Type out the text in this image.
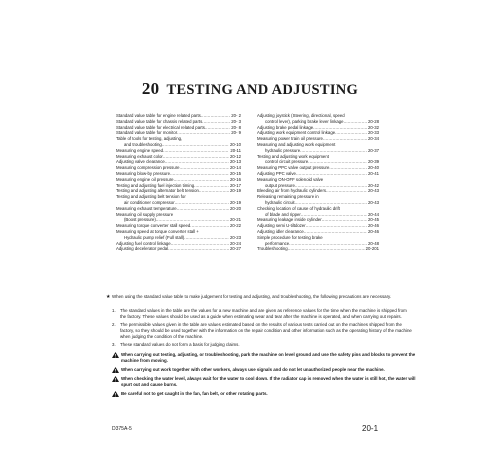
20 TESTING AND ADJUSTING
Standard value table for engine related parts .....	20- 2
Standard value table for chassis related parts .....	20- 3
Standard value table for electrical related parts .....	20- 8
Standard value table for monitor .....	20- 9
Table of tools for testing, adjusting,
and troubleshooting .....	20-10
Measuring engine speed .....	20-11
Measuring exhaust color .....	20-12
Adjusting valve clearance .....	20-13
Measuring compression pressure .....	20-14
Measuring blow-by pressure .....	20-15
Measuring engine oil pressure .....	20-16
Testing and adjusting fuel injection timing .....	20-17
Testing and adjusting alternator belt tension .....	20-19
Testing and adjusting belt tension for
air conditioner compressor .....	20-19
Measuring exhaust temperature .....	20-20
Measuring oil supply pressure
(Boost pressure) .....	20-21
Measuring torque converter stall speed .....	20-22
Measuring speed at torque converter stall +
Hydraulic pump relief (Full stall) .....	20-23
Adjusting fuel control linkage .....	20-24
Adjusting decelerator pedal .....	20-27
Adjusting joystick (Steering, directional, speed
control lever), parking brake lever linkage .....	20-28
Adjusting brake pedal linkage .....	20-32
Adjusting work equipment control linkage .....	20-33
Measuring power train oil pressure .....	20-34
Measuring and adjusting work equipment
hydraulic pressure .....	20-37
Testing and adjusting work equipment
control circuit pressure .....	20-39
Measuring PPC valve output pressure .....	20-40
Adjusting PPC valve .....	20-41
Measuring ON-OFF solenoid valve
output pressure .....	20-42
Bleeding air from hydraulic cylinders .....	20-43
Releasing remaining pressure in
hydraulic circuit .....	20-43
Checking location of cause of hydraulic drift
of blade and ripper .....	20-44
Measuring leakage inside cylinder .....	20-45
Adjusting semi U-tiltdozer .....	20-46
Adjusting idler clearance .....	20-46
Simple procedure for testing brake
performance .....	20-48
Troubleshooting .....	20-201
★ When using the standard value table to make judgement for testing and adjusting, and troubleshooting, the following precautions are necessary.
1. The standard values in the table are the values for a new machine and are given as reference values for the time when the machine is shipped from the factory. These values should be used as a guide when estimating wear and tear after the machine is operated, and when carrying out repairs.
2. The permissible values given in the table are values estimated based on the results of various tests carried out on the machines shipped from the factory, so they should be used together with the information on the repair condition and other information such as the operating history of the machine when judging the condition of the machine.
3. These standard values do not form a basis for judging claims.
When carrying out testing, adjusting, or troubleshooting, park the machine on level ground and use the safety pins and blocks to prevent the machine from moving.
When carrying out work together with other workers, always use signals and do not let unauthorized people near the machine.
When checking the water level, always wait for the water to cool down. If the radiator cap is removed when the water is still hot, the water will spurt out and cause burns.
Be careful not to get caught in the fan, fan belt, or other rotating parts.
D375A-5	20-1
